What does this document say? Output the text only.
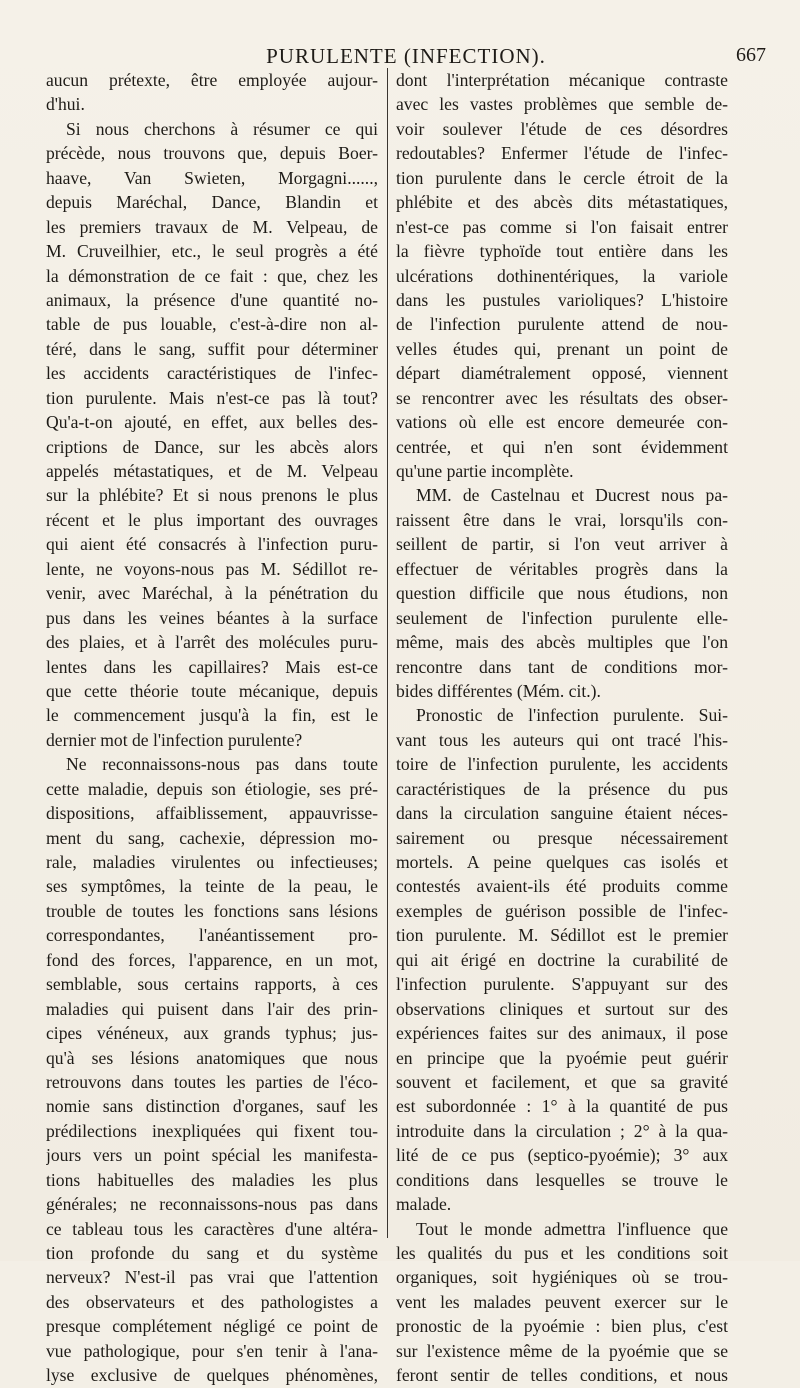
PURULENTE (INFECTION).	667
aucun prétexte, être employée aujour-
d'hui.
Si nous cherchons à résumer ce qui
précède, nous trouvons que, depuis Boer-
haave, Van Swieten, Morgagni......,
depuis Maréchal, Dance, Blandin et
les premiers travaux de M. Velpeau, de
M. Cruveilhier, etc., le seul progrès a été
la démonstration de ce fait : que, chez les
animaux, la présence d'une quantité no-
table de pus louable, c'est-à-dire non al-
téré, dans le sang, suffit pour déterminer
les accidents caractéristiques de l'infec-
tion purulente. Mais n'est-ce pas là tout?
Qu'a-t-on ajouté, en effet, aux belles des-
criptions de Dance, sur les abcès alors
appelés métastatiques, et de M. Velpeau
sur la phlébite? Et si nous prenons le plus
récent et le plus important des ouvrages
qui aient été consacrés à l'infection puru-
lente, ne voyons-nous pas M. Sédillot re-
venir, avec Maréchal, à la pénétration du
pus dans les veines béantes à la surface
des plaies, et à l'arrêt des molécules puru-
lentes dans les capillaires? Mais est-ce
que cette théorie toute mécanique, depuis
le commencement jusqu'à la fin, est le
dernier mot de l'infection purulente?
Ne reconnaissons-nous pas dans toute
cette maladie, depuis son étiologie, ses pré-
dispositions, affaiblissement, appauvrisse-
ment du sang, cachexie, dépression mo-
rale, maladies virulentes ou infectieuses;
ses symptômes, la teinte de la peau, le
trouble de toutes les fonctions sans lésions
correspondantes, l'anéantissement pro-
fond des forces, l'apparence, en un mot,
semblable, sous certains rapports, à ces
maladies qui puisent dans l'air des prin-
cipes vénéneux, aux grands typhus; jus-
qu'à ses lésions anatomiques que nous
retrouvons dans toutes les parties de l'éco-
nomie sans distinction d'organes, sauf les
prédilections inexpliquées qui fixent tou-
jours vers un point spécial les manifesta-
tions habituelles des maladies les plus
générales; ne reconnaissons-nous pas dans
ce tableau tous les caractères d'une altéra-
tion profonde du sang et du système
nerveux? N'est-il pas vrai que l'attention
des observateurs et des pathologistes a
presque complétement négligé ce point de
vue pathologique, pour s'en tenir à l'ana-
lyse exclusive de quelques phénomènes,
dont l'interprétation mécanique contraste
avec les vastes problèmes que semble de-
voir soulever l'étude de ces désordres
redoutables? Enfermer l'étude de l'infec-
tion purulente dans le cercle étroit de la
phlébite et des abcès dits métastatiques,
n'est-ce pas comme si l'on faisait entrer
la fièvre typhoïde tout entière dans les
ulcérations dothinentériques, la variole
dans les pustules varioliques? L'histoire
de l'infection purulente attend de nou-
velles études qui, prenant un point de
départ diamétralement opposé, viennent
se rencontrer avec les résultats des obser-
vations où elle est encore demeurée con-
centrée, et qui n'en sont évidemment
qu'une partie incomplète.
MM. de Castelnau et Ducrest nous pa-
raissent être dans le vrai, lorsqu'ils con-
seillent de partir, si l'on veut arriver à
effectuer de véritables progrès dans la
question difficile que nous étudions, non
seulement de l'infection purulente elle-
même, mais des abcès multiples que l'on
rencontre dans tant de conditions mor-
bides différentes (Mém. cit.).
Pronostic de l'infection purulente. Sui-
vant tous les auteurs qui ont tracé l'his-
toire de l'infection purulente, les accidents
caractéristiques de la présence du pus
dans la circulation sanguine étaient néces-
sairement ou presque nécessairement
mortels. A peine quelques cas isolés et
contestés avaient-ils été produits comme
exemples de guérison possible de l'infec-
tion purulente. M. Sédillot est le premier
qui ait érigé en doctrine la curabilité de
l'infection purulente. S'appuyant sur des
observations cliniques et surtout sur des
expériences faites sur des animaux, il pose
en principe que la pyoémie peut guérir
souvent et facilement, et que sa gravité
est subordonnée : 1° à la quantité de pus
introduite dans la circulation ; 2° à la qua-
lité de ce pus (septico-pyoémie); 3° aux
conditions dans lesquelles se trouve le
malade.
Tout le monde admettra l'influence que
les qualités du pus et les conditions soit
organiques, soit hygiéniques où se trou-
vent les malades peuvent exercer sur le
pronostic de la pyoémie : bien plus, c'est
sur l'existence même de la pyoémie que se
feront sentir de telles conditions, et nous
